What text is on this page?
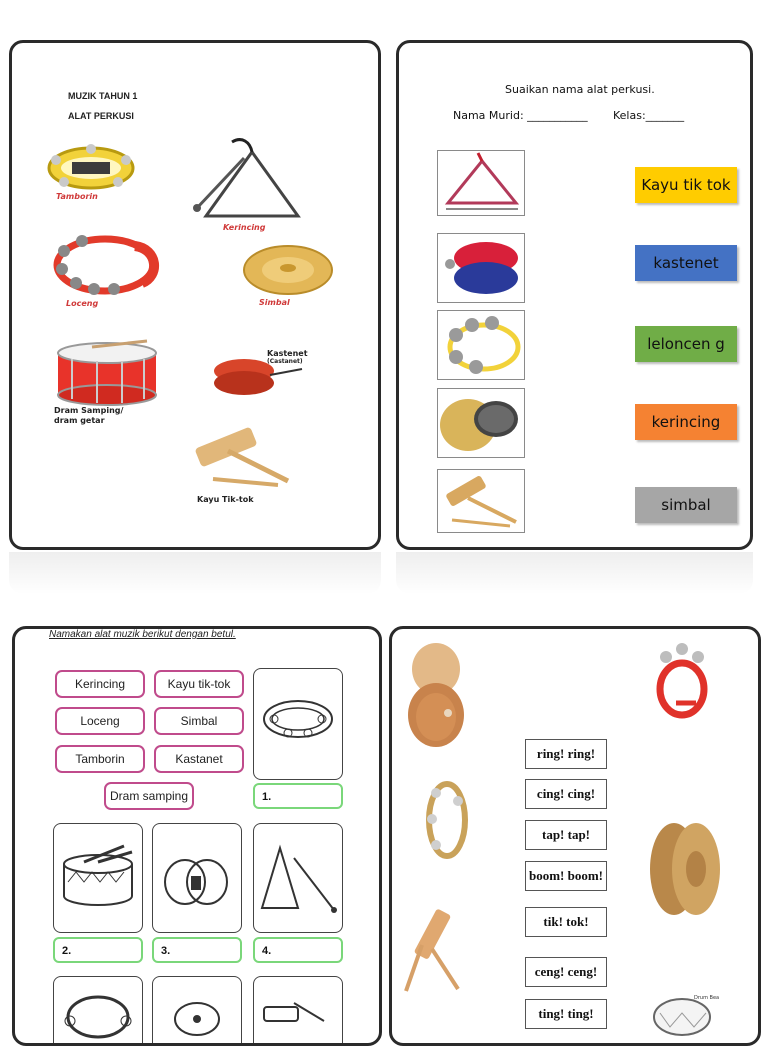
MUZIK TAHUN 1
ALAT PERKUSI
Tamborin
Kerincing
Loceng	Simbal
Dram Samping/
dram getar
Kastenet
(Castanet)
Kayu Tik-tok
Suaikan nama alat perkusi.
Nama Murid: ___________ Kelas:_______
Kayu tik tok
kastenet
leloncen g
kerincing
simbal
Namakan alat muzik berikut dengan betul.
Kerincing	Kayu tik-tok
Loceng	Simbal
Tamborin	Kastanet
Dram samping	1.
2.	3.	4.
ring! ring!
cing! cing!
tap! tap!
boom! boom!
tik! tok!
ceng! ceng!
ting! ting!
Drum Bea
